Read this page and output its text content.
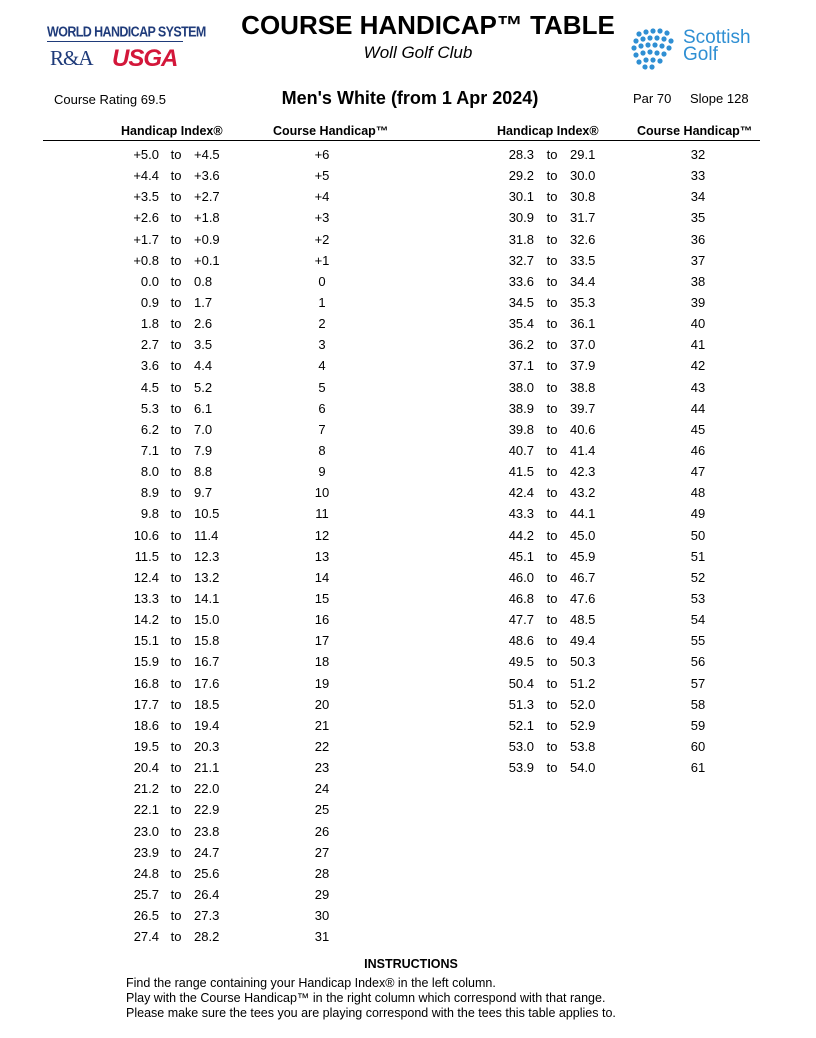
WORLD HANDICAP SYSTEM
R&A USGA
Scottish
Golf
COURSE HANDICAP™ TABLE
Woll Golf Club
Course Rating 69.5	Men's White (from 1 Apr 2024)	Par 70 Slope 128
Handicap Index®	Course Handicap™	Handicap Index®	Course Handicap™
+5.0 to +4.5	+6
+4.4 to +3.6	+5
+3.5 to +2.7	+4
+2.6 to +1.8	+3
+1.7 to +0.9	+2
+0.8 to +0.1	+1
0.0 to 0.8	0
0.9 to 1.7	1
1.8 to 2.6	2
2.7 to 3.5	3
3.6 to 4.4	4
4.5 to 5.2	5
5.3 to 6.1	6
6.2 to 7.0	7
7.1 to 7.9	8
8.0 to 8.8	9
8.9 to 9.7	10
9.8 to 10.5	11
10.6 to 11.4	12
11.5 to 12.3	13
12.4 to 13.2	14
13.3 to 14.1	15
14.2 to 15.0	16
15.1 to 15.8	17
15.9 to 16.7	18
16.8 to 17.6	19
17.7 to 18.5	20
18.6 to 19.4	21
19.5 to 20.3	22
20.4 to 21.1	23
21.2 to 22.0	24
22.1 to 22.9	25
23.0 to 23.8	26
23.9 to 24.7	27
24.8 to 25.6	28
25.7 to 26.4	29
26.5 to 27.3	30
27.4 to 28.2	31
28.3 to 29.1	32
29.2 to 30.0	33
30.1 to 30.8	34
30.9 to 31.7	35
31.8 to 32.6	36
32.7 to 33.5	37
33.6 to 34.4	38
34.5 to 35.3	39
35.4 to 36.1	40
36.2 to 37.0	41
37.1 to 37.9	42
38.0 to 38.8	43
38.9 to 39.7	44
39.8 to 40.6	45
40.7 to 41.4	46
41.5 to 42.3	47
42.4 to 43.2	48
43.3 to 44.1	49
44.2 to 45.0	50
45.1 to 45.9	51
46.0 to 46.7	52
46.8 to 47.6	53
47.7 to 48.5	54
48.6 to 49.4	55
49.5 to 50.3	56
50.4 to 51.2	57
51.3 to 52.0	58
52.1 to 52.9	59
53.0 to 53.8	60
53.9 to 54.0	61
INSTRUCTIONS
Find the range containing your Handicap Index® in the left column.
Play with the Course Handicap™ in the right column which correspond with that range.
Please make sure the tees you are playing correspond with the tees this table applies to.
